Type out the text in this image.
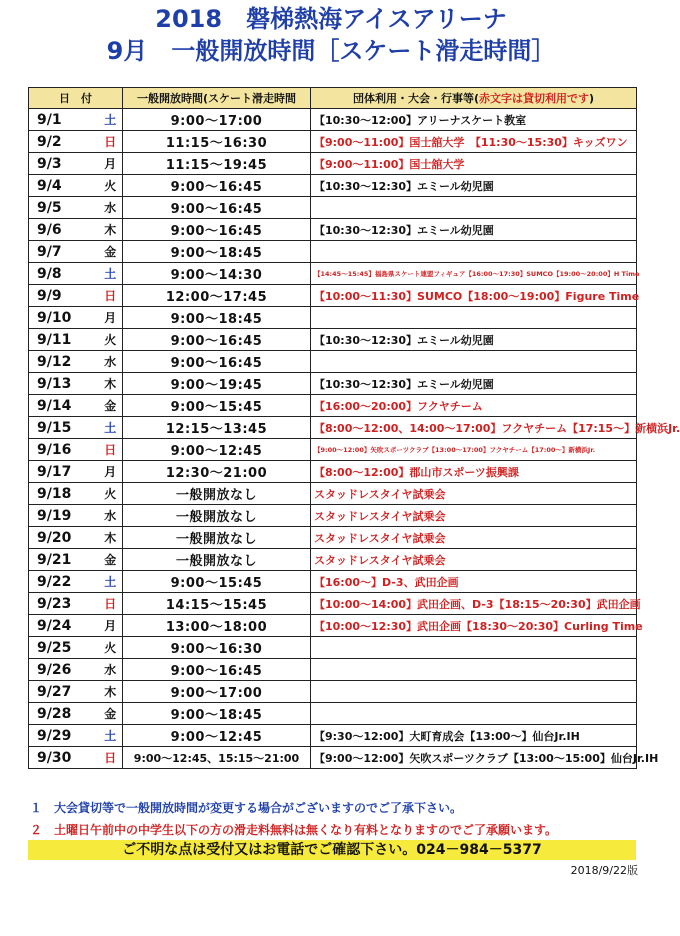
2018　磐梯熱海アイスアリーナ
9月　一般開放時間［スケート滑走時間］
日　付		一般開放時間(スケート滑走時間	団体利用・大会・行事等(赤文字は貸切利用です)
9/1	土	9:00～17:00	【10:30～12:00】アリーナスケート教室
9/2	日	11:15～16:30	【9:00～11:00】国士舘大学　【11:30～15:30】キッズワン
9/3	月	11:15～19:45	【9:00～11:00】国士舘大学
9/4	火	9:00～16:45	【10:30～12:30】エミール幼児園
9/5	水	9:00～16:45	
9/6	木	9:00～16:45	【10:30～12:30】エミール幼児園
9/7	金	9:00～18:45	
9/8	土	9:00～14:30	【14:45～15:45】福島県スケート連盟フィギュア【16:00～17:30】SUMCO【19:00～20:00】H Time
9/9	日	12:00～17:45	【10:00～11:30】SUMCO【18:00～19:00】Figure Time
9/10	月	9:00～18:45	
9/11	火	9:00～16:45	【10:30～12:30】エミール幼児園
9/12	水	9:00～16:45	
9/13	木	9:00～19:45	【10:30～12:30】エミール幼児園
9/14	金	9:00～15:45	【16:00～20:00】フクヤチーム
9/15	土	12:15～13:45	【8:00～12:00、14:00～17:00】フクヤチーム【17:15～】新横浜Jr.
9/16	日	9:00～12:45	【9:00～12:00】矢吹スポーツクラブ【13:00～17:00】フクヤチーム【17:00～】新横浜Jr.
9/17	月	12:30～21:00	【8:00～12:00】郡山市スポーツ振興課
9/18	火	一般開放なし	スタッドレスタイヤ試乗会
9/19	水	一般開放なし	スタッドレスタイヤ試乗会
9/20	木	一般開放なし	スタッドレスタイヤ試乗会
9/21	金	一般開放なし	スタッドレスタイヤ試乗会
9/22	土	9:00～15:45	【16:00～】D-3、武田企画
9/23	日	14:15～15:45	【10:00～14:00】武田企画、D-3【18:15～20:30】武田企画
9/24	月	13:00～18:00	【10:00～12:30】武田企画【18:30～20:30】Curling Time
9/25	火	9:00～16:30	
9/26	水	9:00～16:45	
9/27	木	9:00～17:00	
9/28	金	9:00～18:45	
9/29	土	9:00～12:45	【9:30～12:00】大町育成会【13:00～】仙台Jr.IH
9/30	日	9:00～12:45、15:15～21:00	【9:00～12:00】矢吹スポーツクラブ【13:00～15:00】仙台Jr.IH
１　大会貸切等で一般開放時間が変更する場合がございますのでご了承下さい。
２　土曜日午前中の中学生以下の方の滑走料無料は無くなり有料となりますのでご了承願います。
ご不明な点は受付又はお電話でご確認下さい。024－984－5377
2018/9/22版
